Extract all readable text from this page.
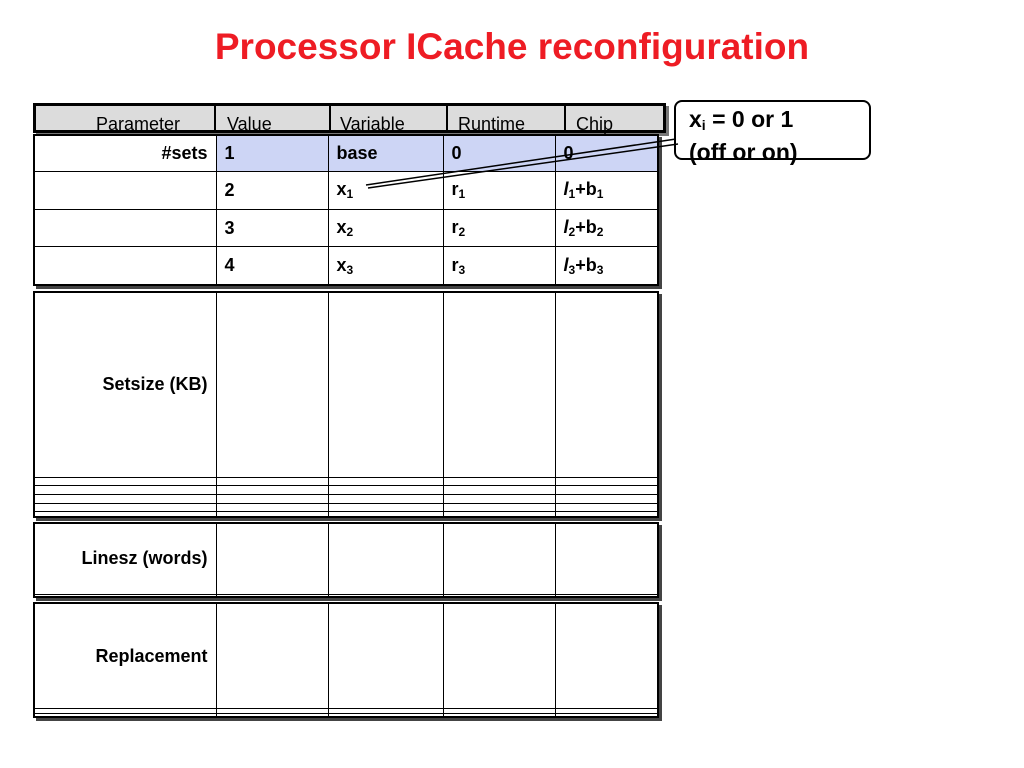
Processor ICache reconfiguration
Parameter	Value	Variable	Runtime	Chip
#sets	1	base	0	0
	2	$x_1$	$r_1$	$l_1+b_1$
	3	$x_2$	$r_2$	$l_2+b_2$
	4	$x_3$	$r_3$	$l_3+b_3$
Setsize (KB)				

Linesz (words)				

Replacement				

$x_i = 0$ or 1
(off or on)
